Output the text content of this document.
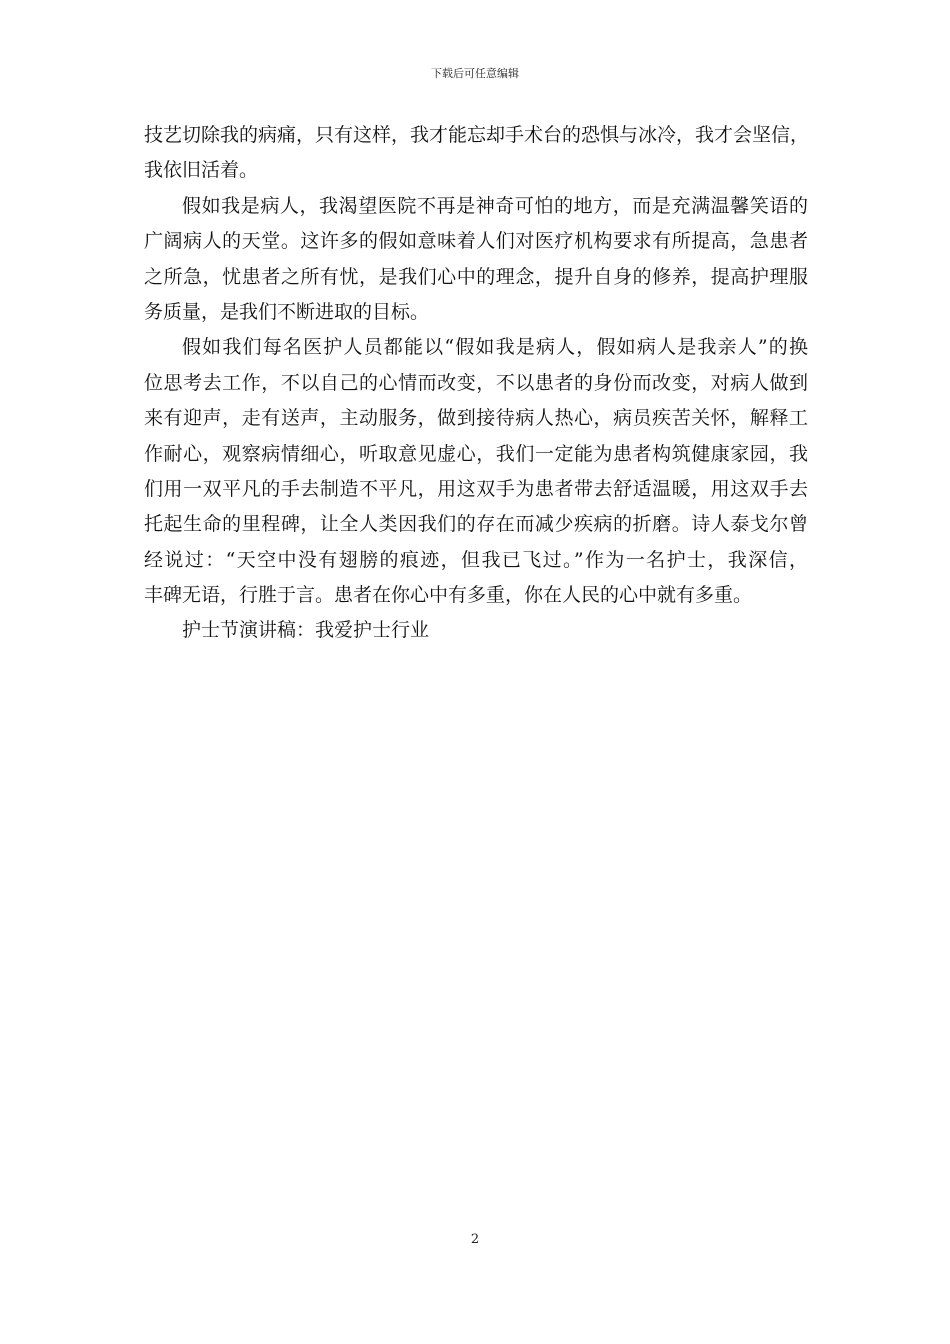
下载后可任意编辑
技艺切除我的病痛，只有这样，我才能忘却手术台的恐惧与冰冷，我才会坚信，
我依旧活着。
假如我是病人，我渴望医院不再是神奇可怕的地方，而是充满温馨笑语的
广阔病人的天堂。这许多的假如意味着人们对医疗机构要求有所提高，急患者
之所急，忧患者之所有忧，是我们心中的理念，提升自身的修养，提高护理服
务质量，是我们不断进取的目标。
假如我们每名医护人员都能以“假如我是病人，假如病人是我亲人”的换
位思考去工作，不以自己的心情而改变，不以患者的身份而改变，对病人做到
来有迎声，走有送声，主动服务，做到接待病人热心，病员疾苦关怀，解释工
作耐心，观察病情细心，听取意见虚心，我们一定能为患者构筑健康家园，我
们用一双平凡的手去制造不平凡，用这双手为患者带去舒适温暖，用这双手去
托起生命的里程碑，让全人类因我们的存在而减少疾病的折磨。诗人泰戈尔曾
经说过：“天空中没有翅膀的痕迹，但我已飞过。”作为一名护士，我深信，
丰碑无语，行胜于言。患者在你心中有多重，你在人民的心中就有多重。
护士节演讲稿：我爱护士行业
2
